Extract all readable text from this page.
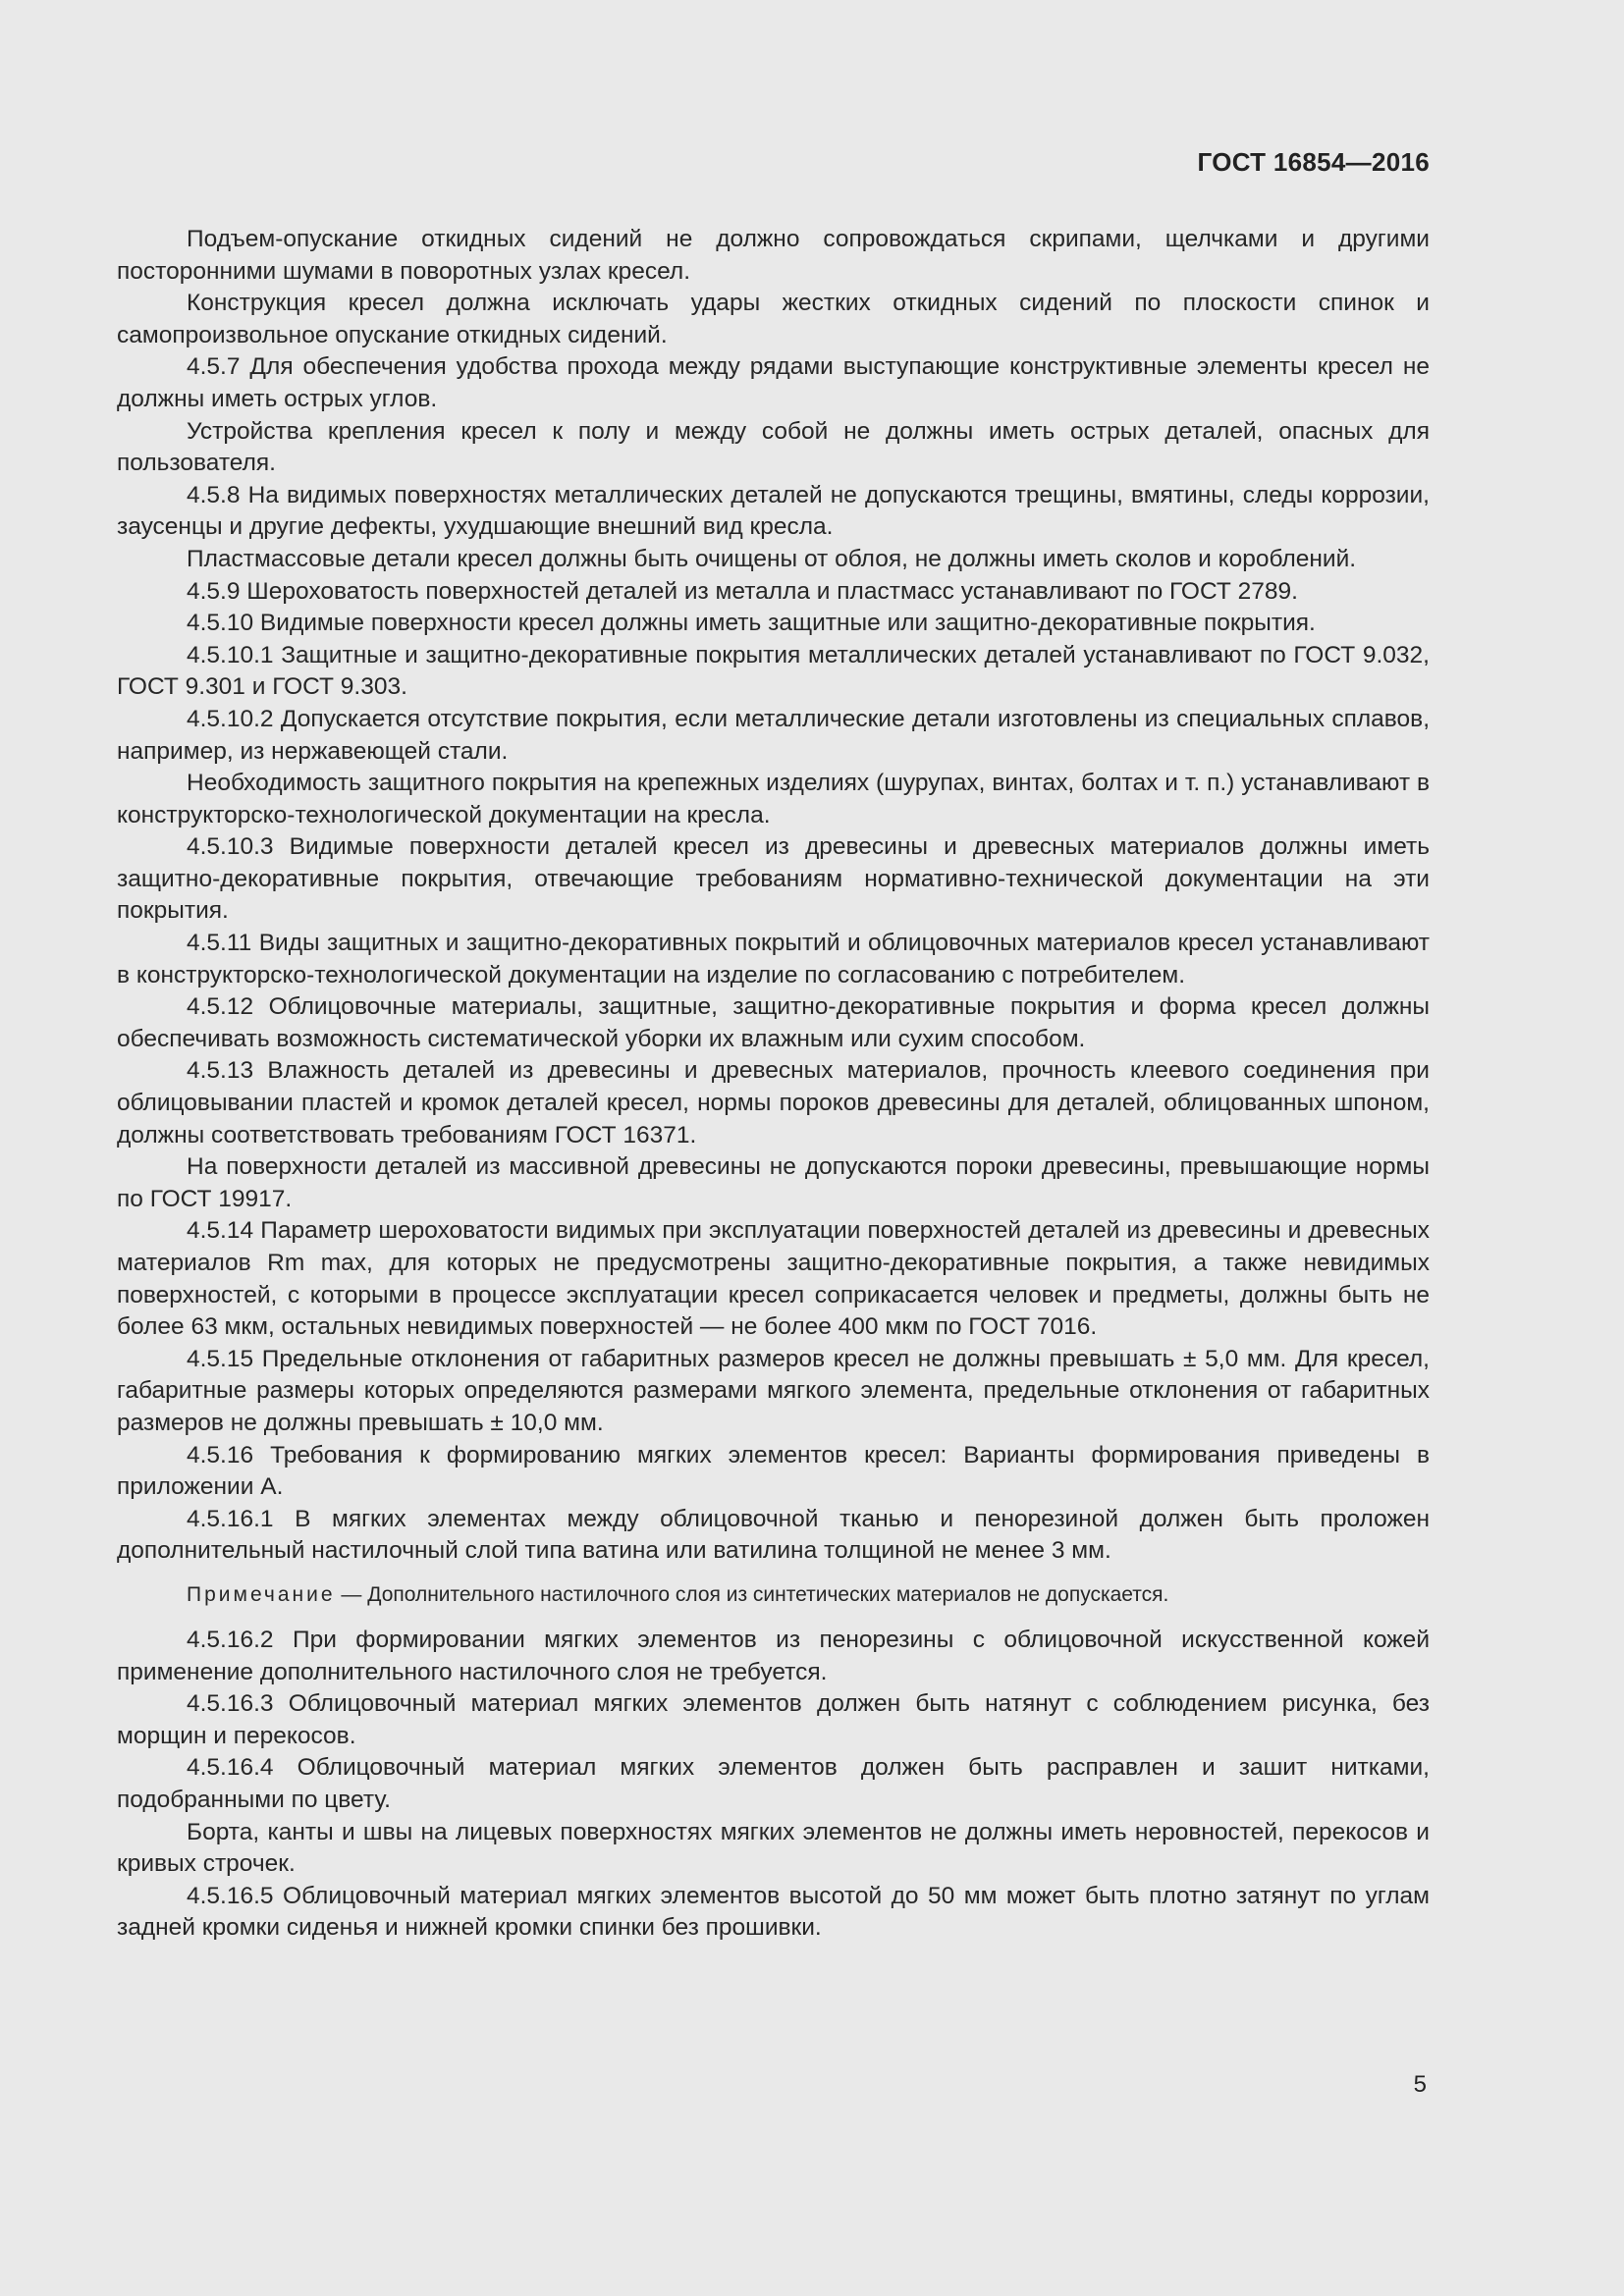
ГОСТ 16854—2016

Подъем-опускание откидных сидений не должно сопровождаться скрипами, щелчками и другими посторонними шумами в поворотных узлах кресел.

Конструкция кресел должна исключать удары жестких откидных сидений по плоскости спинок и самопроизвольное опускание откидных сидений.

4.5.7 Для обеспечения удобства прохода между рядами выступающие конструктивные элементы кресел не должны иметь острых углов.

Устройства крепления кресел к полу и между собой не должны иметь острых деталей, опасных для пользователя.

4.5.8 На видимых поверхностях металлических деталей не допускаются трещины, вмятины, следы коррозии, заусенцы и другие дефекты, ухудшающие внешний вид кресла.

Пластмассовые детали кресел должны быть очищены от облоя, не должны иметь сколов и короблений.

4.5.9 Шероховатость поверхностей деталей из металла и пластмасс устанавливают по ГОСТ 2789.

4.5.10 Видимые поверхности кресел должны иметь защитные или защитно-декоративные покрытия.

4.5.10.1 Защитные и защитно-декоративные покрытия металлических деталей устанавливают по ГОСТ 9.032, ГОСТ 9.301 и ГОСТ 9.303.

4.5.10.2 Допускается отсутствие покрытия, если металлические детали изготовлены из специальных сплавов, например, из нержавеющей стали.

Необходимость защитного покрытия на крепежных изделиях (шурупах, винтах, болтах и т. п.) устанавливают в конструкторско-технологической документации на кресла.

4.5.10.3 Видимые поверхности деталей кресел из древесины и древесных материалов должны иметь защитно-декоративные покрытия, отвечающие требованиям нормативно-технической документации на эти покрытия.

4.5.11 Виды защитных и защитно-декоративных покрытий и облицовочных материалов кресел устанавливают в конструкторско-технологической документации на изделие по согласованию с потребителем.

4.5.12 Облицовочные материалы, защитные, защитно-декоративные покрытия и форма кресел должны обеспечивать возможность систематической уборки их влажным или сухим способом.

4.5.13 Влажность деталей из древесины и древесных материалов, прочность клеевого соединения при облицовывании пластей и кромок деталей кресел, нормы пороков древесины для деталей, облицованных шпоном, должны соответствовать требованиям ГОСТ 16371.

На поверхности деталей из массивной древесины не допускаются пороки древесины, превышающие нормы по ГОСТ 19917.

4.5.14 Параметр шероховатости видимых при эксплуатации поверхностей деталей из древесины и древесных материалов Rm max, для которых не предусмотрены защитно-декоративные покрытия, а также невидимых поверхностей, с которыми в процессе эксплуатации кресел соприкасается человек и предметы, должны быть не более 63 мкм, остальных невидимых поверхностей — не более 400 мкм по ГОСТ 7016.

4.5.15 Предельные отклонения от габаритных размеров кресел не должны превышать ± 5,0 мм. Для кресел, габаритные размеры которых определяются размерами мягкого элемента, предельные отклонения от габаритных размеров не должны превышать ± 10,0 мм.

4.5.16 Требования к формированию мягких элементов кресел: Варианты формирования приведены в приложении А.

4.5.16.1 В мягких элементах между облицовочной тканью и пенорезиной должен быть проложен дополнительный настилочный слой типа ватина или ватилина толщиной не менее 3 мм.

Примечание — Дополнительного настилочного слоя из синтетических материалов не допускается.

4.5.16.2 При формировании мягких элементов из пенорезины с облицовочной искусственной кожей применение дополнительного настилочного слоя не требуется.

4.5.16.3 Облицовочный материал мягких элементов должен быть натянут с соблюдением рисунка, без морщин и перекосов.

4.5.16.4 Облицовочный материал мягких элементов должен быть расправлен и зашит нитками, подобранными по цвету.

Борта, канты и швы на лицевых поверхностях мягких элементов не должны иметь неровностей, перекосов и кривых строчек.

4.5.16.5 Облицовочный материал мягких элементов высотой до 50 мм может быть плотно затянут по углам задней кромки сиденья и нижней кромки спинки без прошивки.

5
